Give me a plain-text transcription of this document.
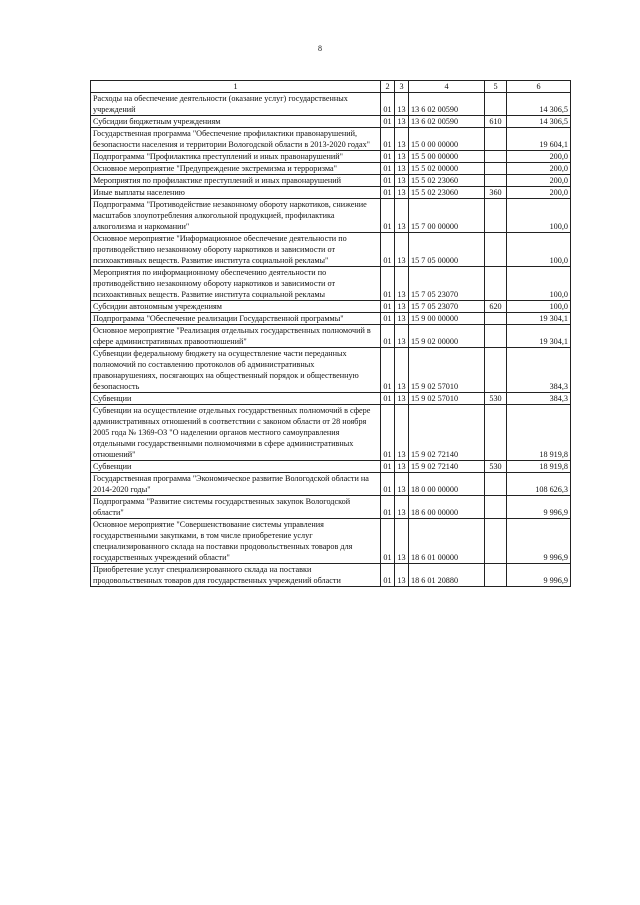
8
1	2	3	4	5	6
Расходы на обеспечение деятельности (оказание услуг) государственных учреждений	01	13	13 6 02 00590		14 306,5
Субсидии бюджетным учреждениям	01	13	13 6 02 00590	610	14 306,5
Государственная программа "Обеспечение профилактики правонарушений, безопасности населения и территории Вологодской области в 2013-2020 годах"	01	13	15 0 00 00000		19 604,1
Подпрограмма "Профилактика преступлений и иных правонарушений"	01	13	15 5 00 00000		200,0
Основное мероприятие "Предупреждение экстремизма и терроризма"	01	13	15 5 02 00000		200,0
Мероприятия по профилактике преступлений и иных правонарушений	01	13	15 5 02 23060		200,0
Иные выплаты населению	01	13	15 5 02 23060	360	200,0
Подпрограмма "Противодействие незаконному обороту наркотиков, снижение масштабов злоупотребления алкогольной продукцией, профилактика алкоголизма и наркомании"	01	13	15 7 00 00000		100,0
Основное мероприятие "Информационное обеспечение деятельности по противодействию незаконному обороту наркотиков и зависимости от психоактивных веществ. Развитие института социальной рекламы"	01	13	15 7 05 00000		100,0
Мероприятия по информационному обеспечению деятельности по противодействию незаконному обороту наркотиков и зависимости от психоактивных веществ. Развитие института социальной рекламы	01	13	15 7 05 23070		100,0
Субсидии автономным учреждениям	01	13	15 7 05 23070	620	100,0
Подпрограмма "Обеспечение реализации Государственной программы"	01	13	15 9 00 00000		19 304,1
Основное мероприятие "Реализация отдельных государственных полномочий в сфере административных правоотношений"	01	13	15 9 02 00000		19 304,1
Субвенции федеральному бюджету на осуществление части переданных полномочий по составлению протоколов об административных правонарушениях, посягающих на общественный порядок и общественную безопасность	01	13	15 9 02 57010		384,3
Субвенции	01	13	15 9 02 57010	530	384,3
Субвенции на осуществление отдельных государственных полномочий в сфере административных отношений в соответствии с законом области от 28 ноября 2005 года № 1369-ОЗ "О наделении органов местного самоуправления отдельными государственными полномочиями в сфере административных отношений"	01	13	15 9 02 72140		18 919,8
Субвенции	01	13	15 9 02 72140	530	18 919,8
Государственная программа "Экономическое развитие Вологодской области на 2014-2020 годы"	01	13	18 0 00 00000		108 626,3
Подпрограмма "Развитие системы государственных закупок Вологодской области"	01	13	18 6 00 00000		9 996,9
Основное мероприятие "Совершенствование системы управления государственными закупками, в том числе приобретение услуг специализированного склада на поставки продовольственных товаров для государственных учреждений области"	01	13	18 6 01 00000		9 996,9
Приобретение услуг специализированного склада на поставки продовольственных товаров для государственных учреждений области	01	13	18 6 01 20880		9 996,9
